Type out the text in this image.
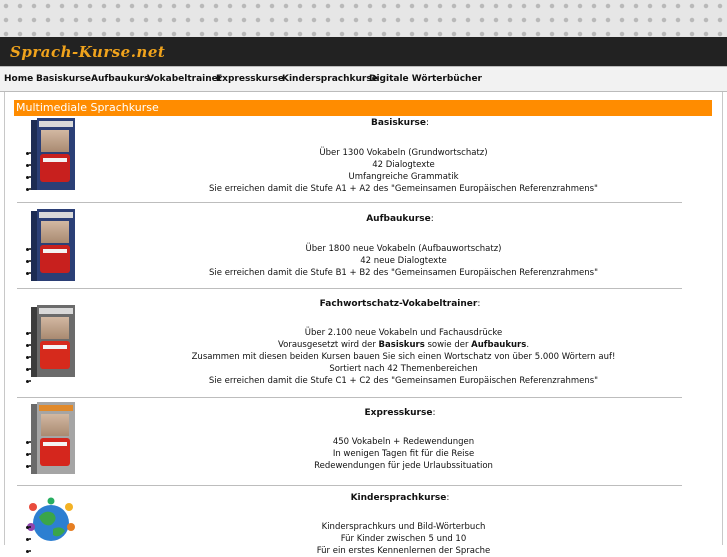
Sprach-Kurse.net
Home Basiskurse Aufbaukurs
Vokabeltrainer
Expresskurse
Kindersprachkurse
Digitale Wörterbücher
Multimediale Sprachkurse
Basiskurse:
• Über 1300 Vokabeln (Grundwortschatz)
• 42 Dialogtexte
• Umfangreiche Grammatik
• Sie erreichen damit die Stufe A1 + A2 des "Gemeinsamen Europäischen Referenzrahmens"
Aufbaukurse:
• Über 1800 neue Vokabeln (Aufbauwortschatz)
• 42 neue Dialogtexte
• Sie erreichen damit die Stufe B1 + B2 des "Gemeinsamen Europäischen Referenzrahmens"
Fachwortschatz-Vokabeltrainer:
• Über 2.100 neue Vokabeln und Fachausdrücke
• Vorausgesetzt wird der Basiskurs sowie der Aufbaukurs.
• Zusammen mit diesen beiden Kursen bauen Sie sich einen Wortschatz von über 5.000 Wörtern auf!
• Sortiert nach 42 Themenbereichen
• Sie erreichen damit die Stufe C1 + C2 des "Gemeinsamen Europäischen Referenzrahmens"
Expresskurse:
• 450 Vokabeln + Redewendungen
• In wenigen Tagen fit für die Reise
• Redewendungen für jede Urlaubssituation
Kindersprachkurse:
• Kindersprachkurs und Bild-Wörterbuch
• Für Kinder zwischen 5 und 10
• Für ein erstes Kennenlernen der Sprache
